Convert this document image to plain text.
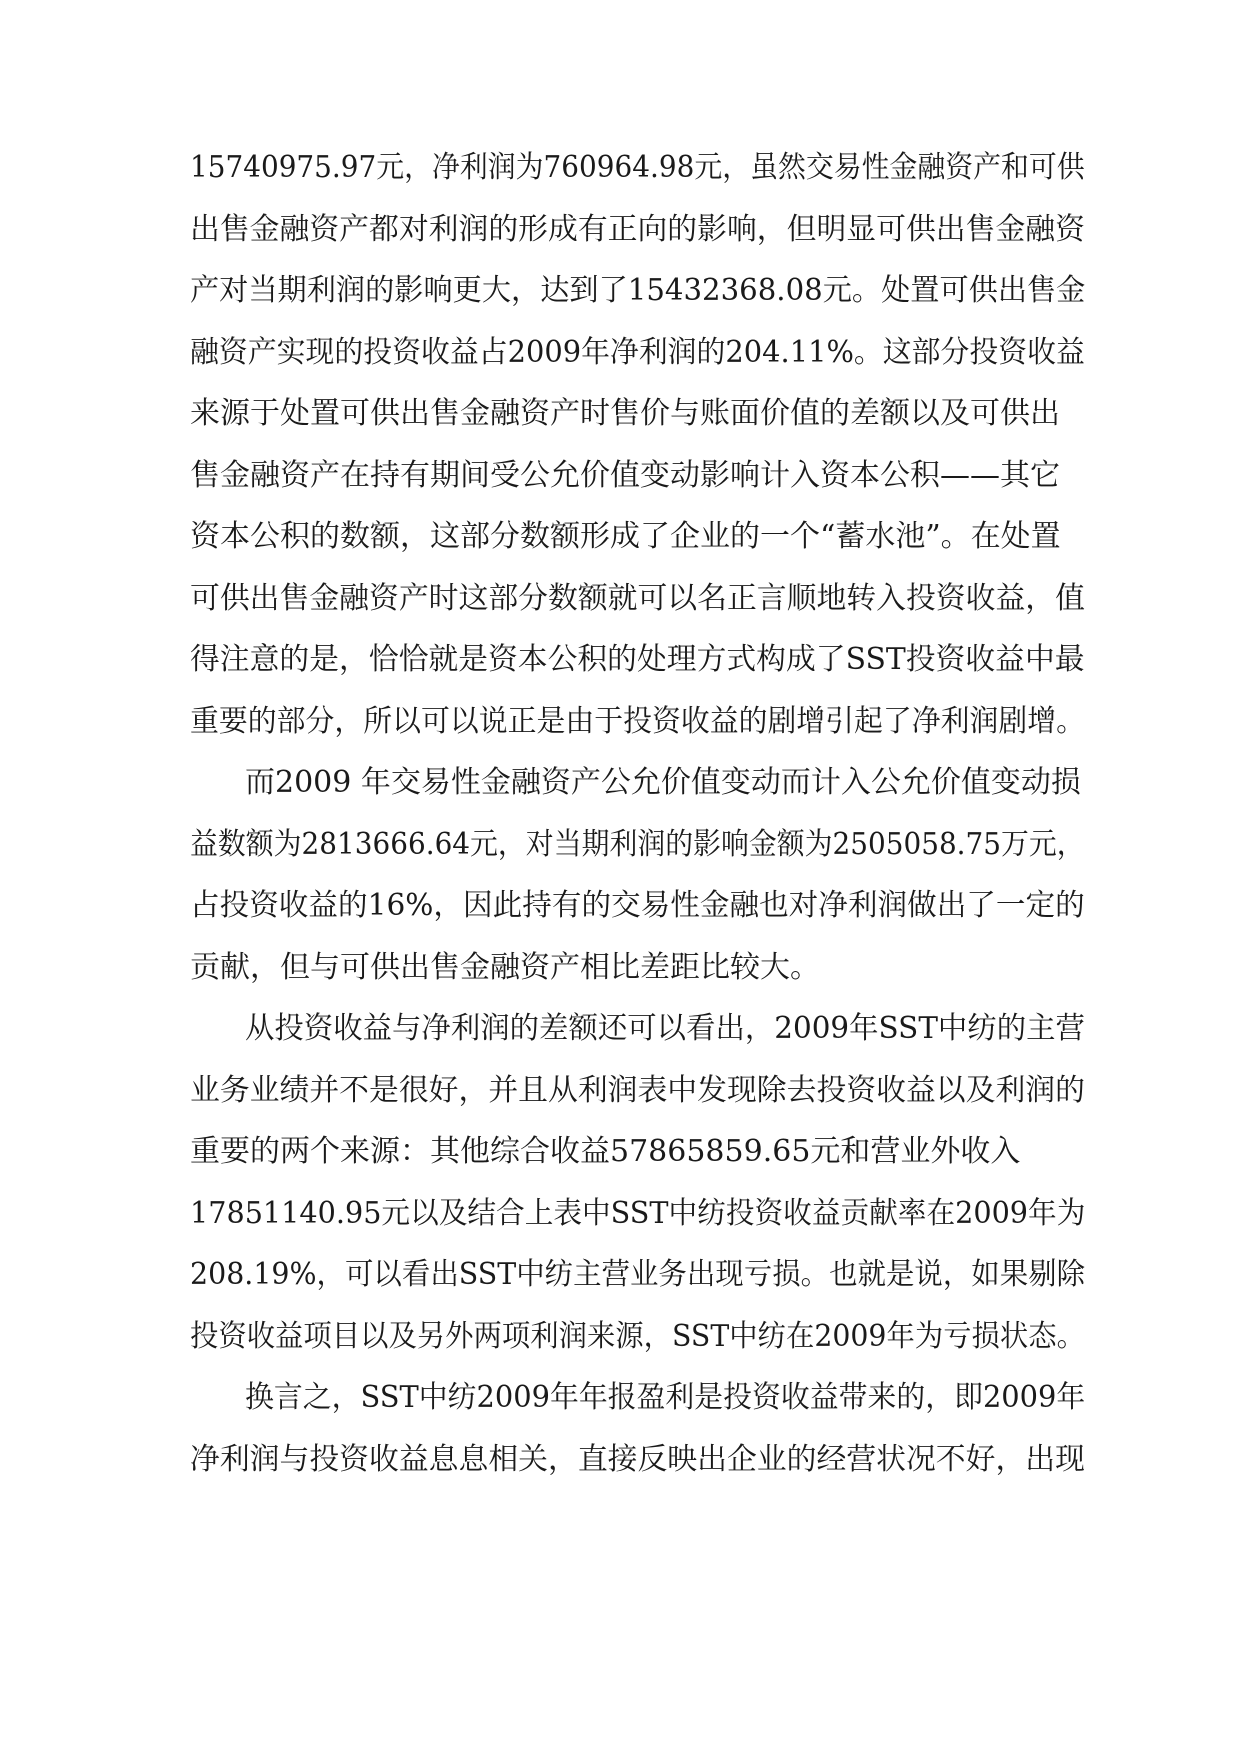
15740975.97元，净利润为760964.98元，虽然交易性金融资产和可供
出售金融资产都对利润的形成有正向的影响，但明显可供出售金融资
产对当期利润的影响更大，达到了15432368.08元。处置可供出售金
融资产实现的投资收益占2009年净利润的204.11%。这部分投资收益
来源于处置可供出售金融资产时售价与账面价值的差额以及可供出
售金融资产在持有期间受公允价值变动影响计入资本公积——其它
资本公积的数额，这部分数额形成了企业的一个“蓄水池”。在处置
可供出售金融资产时这部分数额就可以名正言顺地转入投资收益，值
得注意的是，恰恰就是资本公积的处理方式构成了SST投资收益中最
重要的部分，所以可以说正是由于投资收益的剧增引起了净利润剧增。
而2009 年交易性金融资产公允价值变动而计入公允价值变动损
益数额为2813666.64元，对当期利润的影响金额为2505058.75万元，
占投资收益的16%，因此持有的交易性金融也对净利润做出了一定的
贡献，但与可供出售金融资产相比差距比较大。
从投资收益与净利润的差额还可以看出，2009年SST中纺的主营
业务业绩并不是很好，并且从利润表中发现除去投资收益以及利润的
重要的两个来源：其他综合收益57865859.65元和营业外收入
17851140.95元以及结合上表中SST中纺投资收益贡献率在2009年为
208.19%，可以看出SST中纺主营业务出现亏损。也就是说，如果剔除
投资收益项目以及另外两项利润来源，SST中纺在2009年为亏损状态。
换言之，SST中纺2009年年报盈利是投资收益带来的，即2009年
净利润与投资收益息息相关，直接反映出企业的经营状况不好，出现
